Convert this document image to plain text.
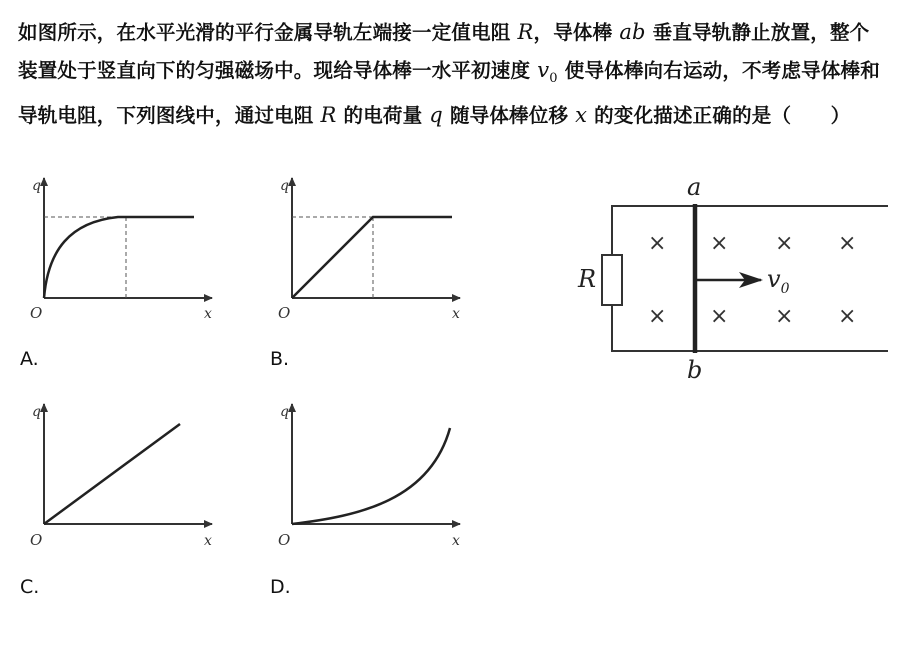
如图所示，在水平光滑的平行金属导轨左端接一定值电阻 R，导体棒 ab 垂直导轨静止放置，整个装置处于竖直向下的匀强磁场中。现给导体棒一水平初速度 $v_0$ 使导体棒向右运动，不考虑导体棒和导轨电阻，下列图线中，通过电阻 R 的电荷量 q 随导体棒位移 x 的变化描述正确的是（　　）
q
x
O
A.
q
x
O
B.
q
x
O
C.
q
x
O
D.
R
a
b
$v_0$
× × × ×
× × × ×
